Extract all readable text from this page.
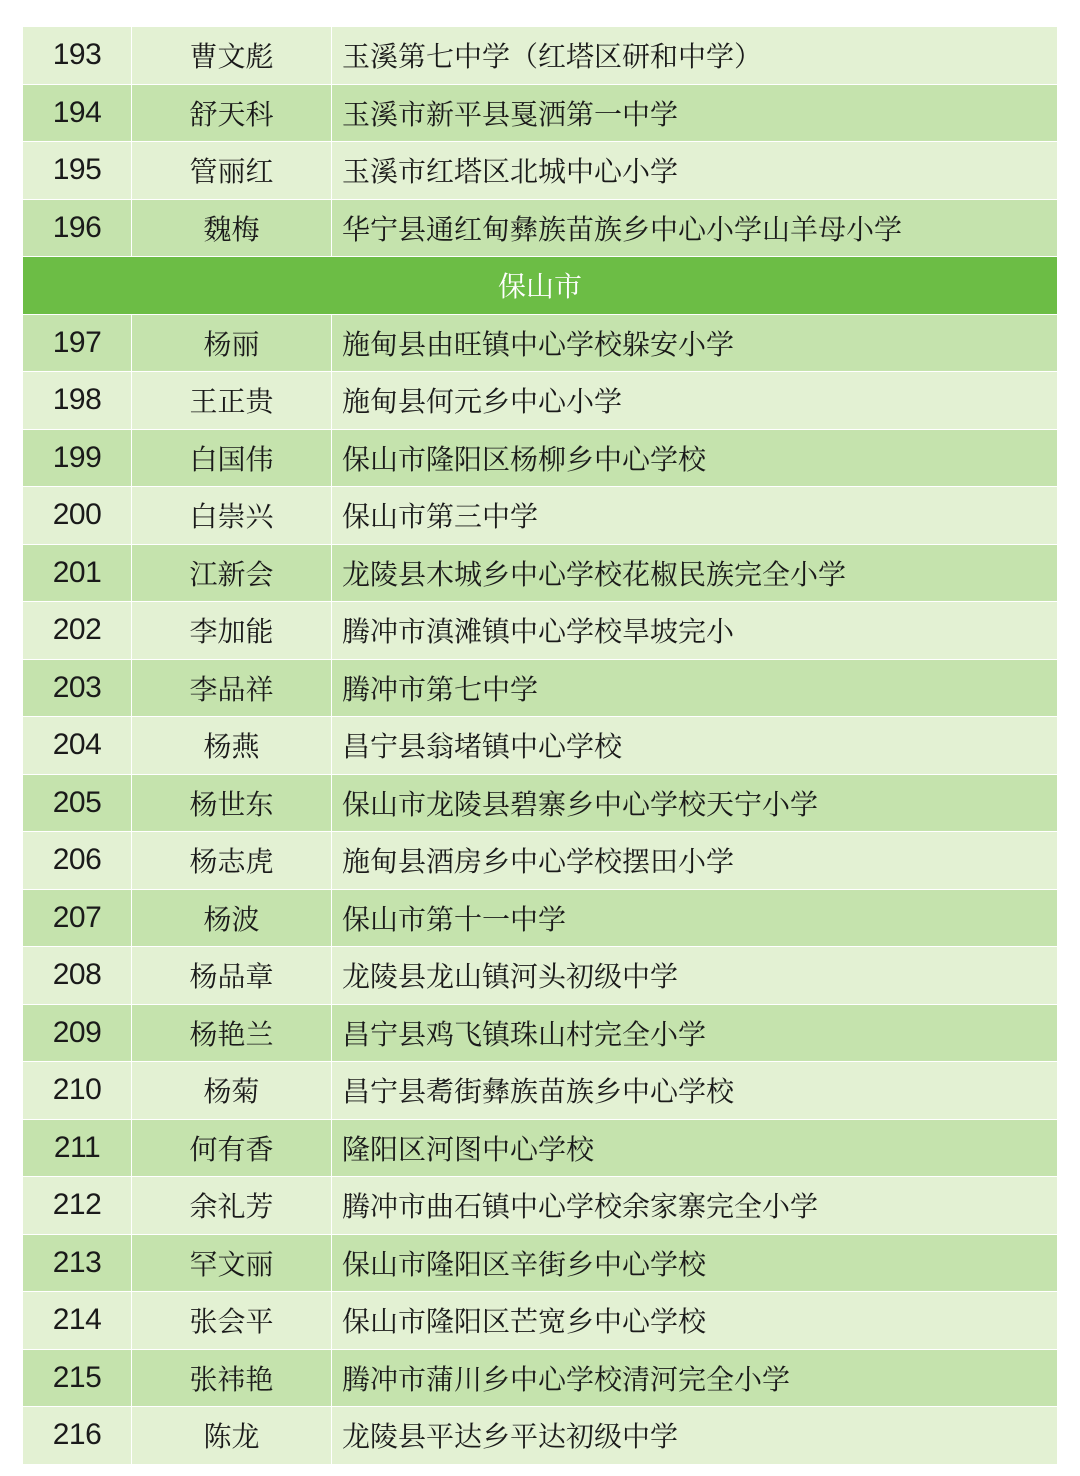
193	曹文彪	玉溪第七中学（红塔区研和中学）
194	舒天科	玉溪市新平县戛洒第一中学
195	管丽红	玉溪市红塔区北城中心小学
196	魏梅	华宁县通红甸彝族苗族乡中心小学山羊母小学
保山市
197	杨丽	施甸县由旺镇中心学校躲安小学
198	王正贵	施甸县何元乡中心小学
199	白国伟	保山市隆阳区杨柳乡中心学校
200	白崇兴	保山市第三中学
201	江新会	龙陵县木城乡中心学校花椒民族完全小学
202	李加能	腾冲市滇滩镇中心学校旱坡完小
203	李品祥	腾冲市第七中学
204	杨燕	昌宁县翁堵镇中心学校
205	杨世东	保山市龙陵县碧寨乡中心学校天宁小学
206	杨志虎	施甸县酒房乡中心学校摆田小学
207	杨波	保山市第十一中学
208	杨品章	龙陵县龙山镇河头初级中学
209	杨艳兰	昌宁县鸡飞镇珠山村完全小学
210	杨菊	昌宁县耈街彝族苗族乡中心学校
211	何有香	隆阳区河图中心学校
212	余礼芳	腾冲市曲石镇中心学校余家寨完全小学
213	罕文丽	保山市隆阳区辛街乡中心学校
214	张会平	保山市隆阳区芒宽乡中心学校
215	张祎艳	腾冲市蒲川乡中心学校清河完全小学
216	陈龙	龙陵县平达乡平达初级中学
